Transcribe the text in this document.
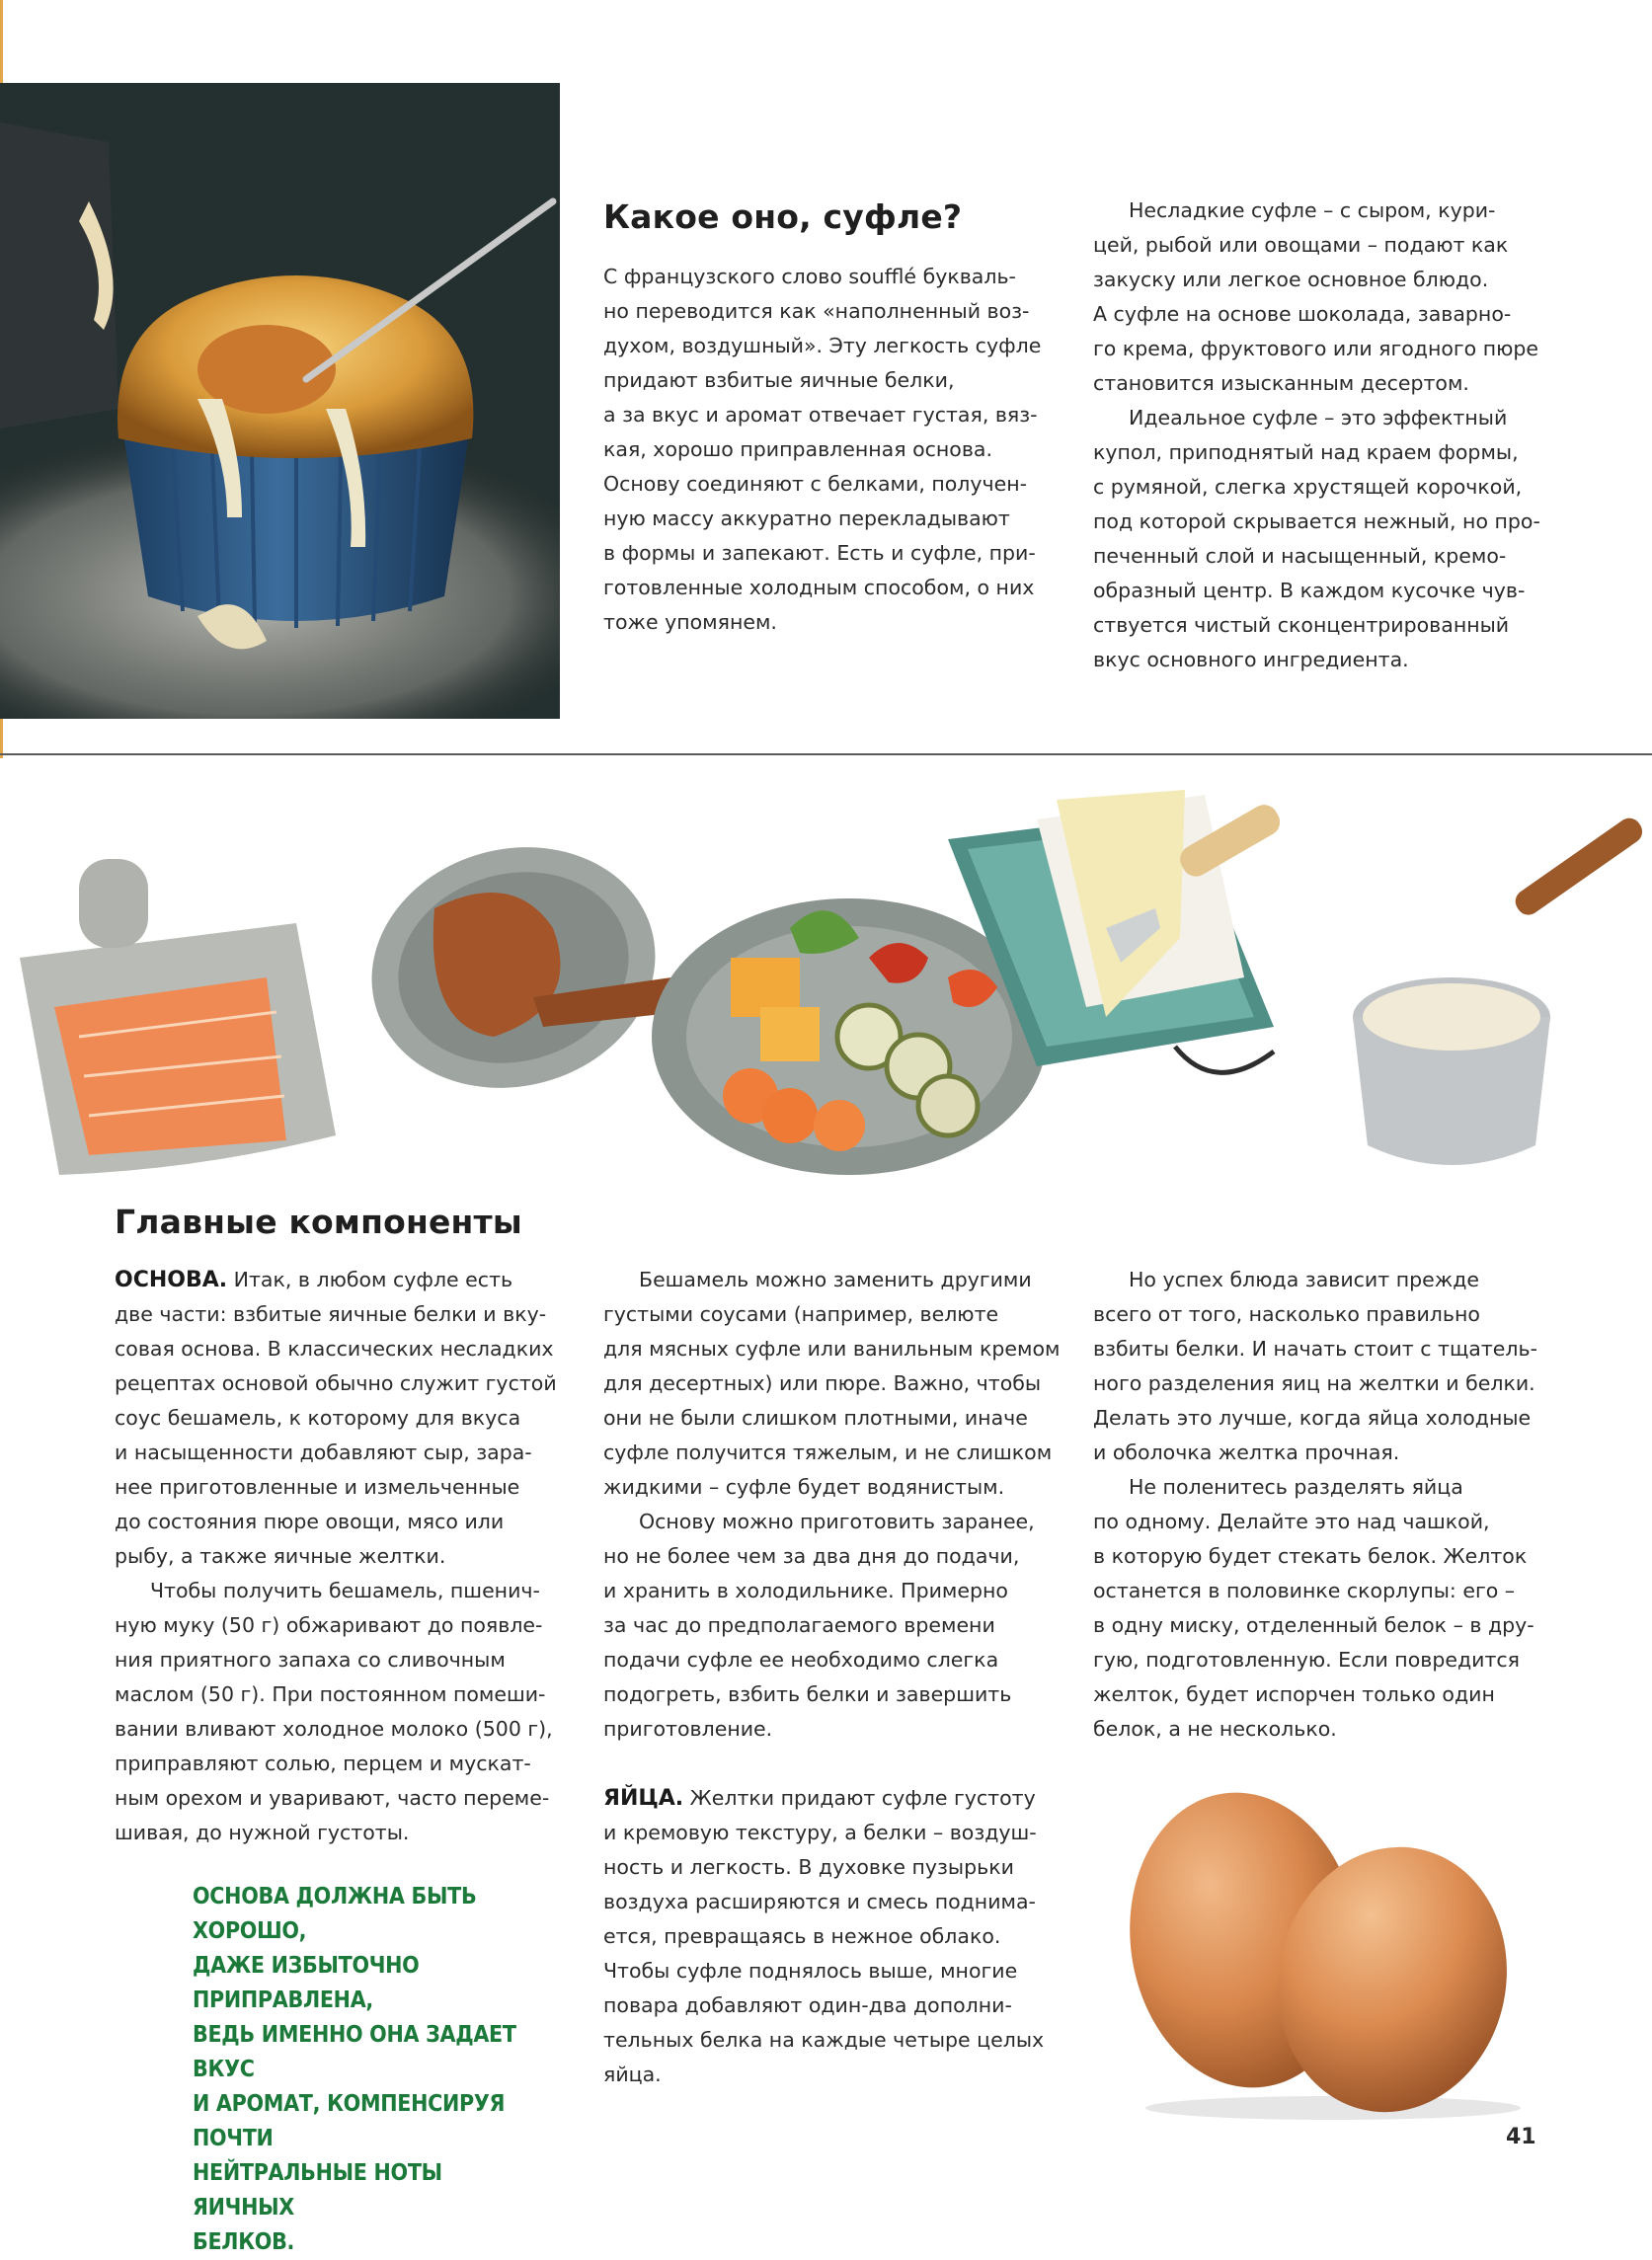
Какое оно, суфле?

С французского слово soufflé букваль-
но переводится как «наполненный воз-
духом, воздушный». Эту легкость суфле
придают взбитые яичные белки,
а за вкус и аромат отвечает густая, вяз-
кая, хорошо приправленная основа.
Основу соединяют с белками, получен-
ную массу аккуратно перекладывают
в формы и запекают. Есть и суфле, при-
готовленные холодным способом, о них
тоже упомянем.

Несладкие суфле – с сыром, кури-
цей, рыбой или овощами – подают как
закуску или легкое основное блюдо.
А суфле на основе шоколада, заварно-
го крема, фруктового или ягодного пюре
становится изысканным десертом.

Идеальное суфле – это эффектный
купол, приподнятый над краем формы,
с румяной, слегка хрустящей корочкой,
под которой скрывается нежный, но про-
печенный слой и насыщенный, кремо-
образный центр. В каждом кусочке чув-
ствуется чистый сконцентрированный
вкус основного ингредиента.

Главные компоненты

ОСНОВА. Итак, в любом суфле есть
две части: взбитые яичные белки и вку-
совая основа. В классических несладких
рецептах основой обычно служит густой
соус бешамель, к которому для вкуса
и насыщенности добавляют сыр, зара-
нее приготовленные и измельченные
до состояния пюре овощи, мясо или
рыбу, а также яичные желтки.

Чтобы получить бешамель, пшенич-
ную муку (50 г) обжаривают до появле-
ния приятного запаха со сливочным
маслом (50 г). При постоянном помеши-
вании вливают холодное молоко (500 г),
приправляют солью, перцем и мускат-
ным орехом и уваривают, часто переме-
шивая, до нужной густоты.

ОСНОВА ДОЛЖНА БЫТЬ ХОРОШО,
ДАЖЕ ИЗБЫТОЧНО ПРИПРАВЛЕНА,
ВЕДЬ ИМЕННО ОНА ЗАДАЕТ ВКУС
И АРОМАТ, КОМПЕНСИРУЯ ПОЧТИ
НЕЙТРАЛЬНЫЕ НОТЫ ЯИЧНЫХ
БЕЛКОВ.

Бешамель можно заменить другими
густыми соусами (например, велюте
для мясных суфле или ванильным кремом
для десертных) или пюре. Важно, чтобы
они не были слишком плотными, иначе
суфле получится тяжелым, и не слишком
жидкими – суфле будет водянистым.

Основу можно приготовить заранее,
но не более чем за два дня до подачи,
и хранить в холодильнике. Примерно
за час до предполагаемого времени
подачи суфле ее необходимо слегка
подогреть, взбить белки и завершить
приготовление.

ЯЙЦА. Желтки придают суфле густоту
и кремовую текстуру, а белки – воздуш-
ность и легкость. В духовке пузырьки
воздуха расширяются и смесь поднима-
ется, превращаясь в нежное облако.
Чтобы суфле поднялось выше, многие
повара добавляют один-два дополни-
тельных белка на каждые четыре целых
яйца.

Но успех блюда зависит прежде
всего от того, насколько правильно
взбиты белки. И начать стоит с тщатель-
ного разделения яиц на желтки и белки.
Делать это лучше, когда яйца холодные
и оболочка желтка прочная.

Не поленитесь разделять яйца
по одному. Делайте это над чашкой,
в которую будет стекать белок. Желток
останется в половинке скорлупы: его –
в одну миску, отделенный белок – в дру-
гую, подготовленную. Если повредится
желток, будет испорчен только один
белок, а не несколько.

41
